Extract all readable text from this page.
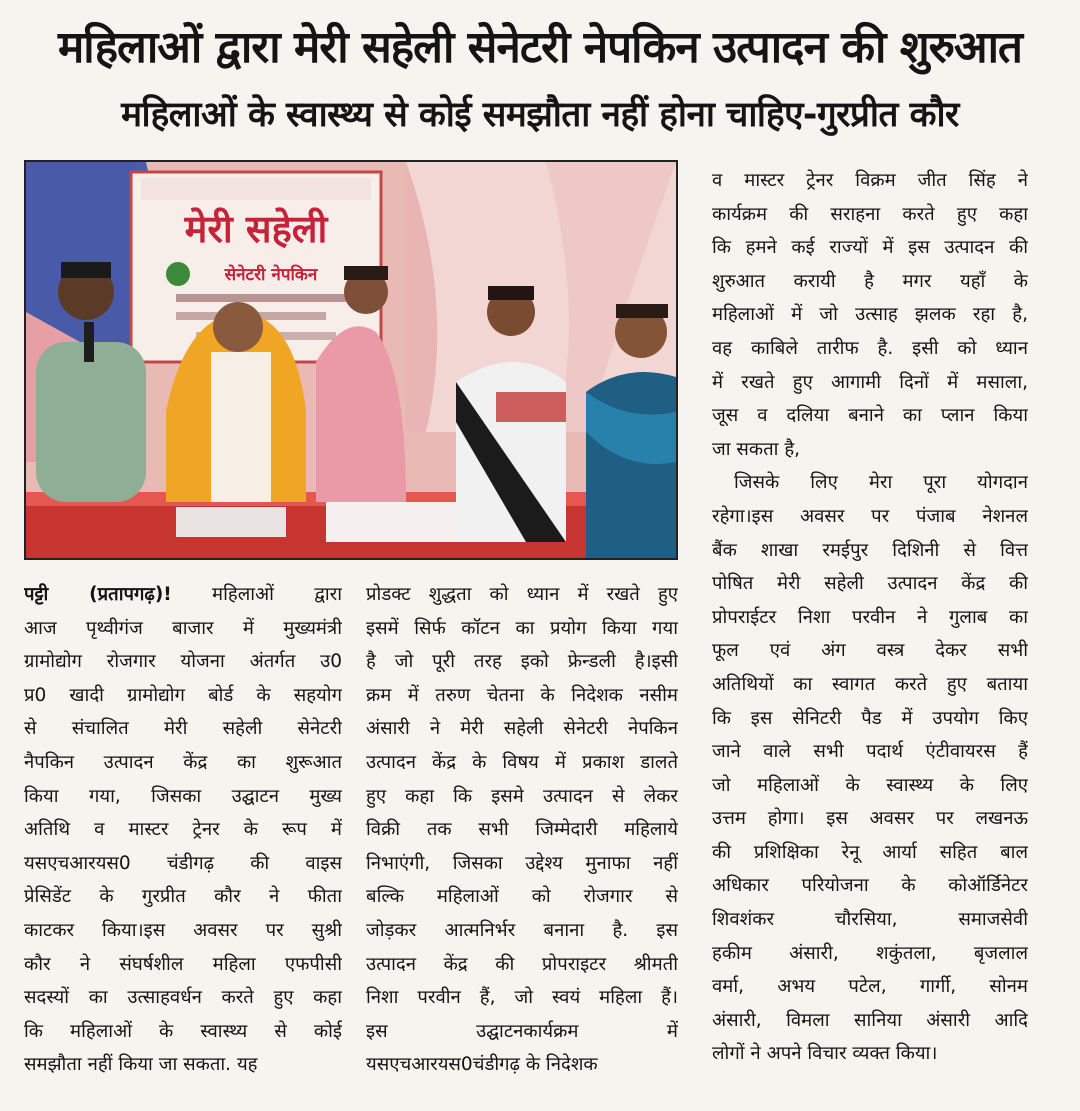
महिलाओं द्वारा मेरी सहेली सेनेटरी नेपकिन उत्पादन की शुरुआत
महिलाओं के स्वास्थ्य से कोई समझौता नहीं होना चाहिए-गुरप्रीत कौर
मेरी सहेली
सेनेटरी नेपकिन

पट्टी (प्रतापगढ़)! महिलाओं द्वारा

आज पृथ्वीगंज बाजार में मुख्यमंत्री

ग्रामोद्योग रोजगार योजना अंतर्गत उ0

प्र0 खादी ग्रामोद्योग बोर्ड के सहयोग

से संचालित मेरी सहेली सेनेटरी

नैपकिन उत्पादन केंद्र का शुरूआत

किया गया, जिसका उद्घाटन मुख्य

अतिथि व मास्टर ट्रेनर के रूप में

यसएचआरयस0 चंडीगढ़ की वाइस

प्रेसिडेंट के गुरप्रीत कौर ने फीता

काटकर किया।इस अवसर पर सुश्री

कौर ने संघर्षशील महिला एफपीसी

सदस्यों का उत्साहवर्धन करते हुए कहा

कि महिलाओं के स्वास्थ्य से कोई

समझौता नहीं किया जा सकता. यह

प्रोडक्ट शुद्धता को ध्यान में रखते हुए

इसमें सिर्फ कॉटन का प्रयोग किया गया

है जो पूरी तरह इको फ्रेन्डली है।इसी

क्रम में तरुण चेतना के निदेशक नसीम

अंसारी ने मेरी सहेली सेनेटरी नेपकिन

उत्पादन केंद्र के विषय में प्रकाश डालते

हुए कहा कि इसमे उत्पादन से लेकर

विक्री तक सभी जिम्मेदारी महिलाये

निभाएंगी, जिसका उद्देश्य मुनाफा नहीं

बल्कि महिलाओं को रोजगार से

जोड़कर आत्मनिर्भर बनाना है. इस

उत्पादन केंद्र की प्रोपराइटर श्रीमती

निशा परवीन हैं, जो स्वयं महिला हैं।

इस उद्घाटनकार्यक्रम में

यसएचआरयस0चंडीगढ़ के निदेशक

व मास्टर ट्रेनर विक्रम जीत सिंह ने

कार्यक्रम की सराहना करते हुए कहा

कि हमने कई राज्यों में इस उत्पादन की

शुरुआत करायी है मगर यहाँ के

महिलाओं में जो उत्साह झलक रहा है,

वह काबिले तारीफ है. इसी को ध्यान

में रखते हुए आगामी दिनों में मसाला,

जूस व दलिया बनाने का प्लान किया

जा सकता है,

जिसके लिए मेरा पूरा योगदान

रहेगा।इस अवसर पर पंजाब नेशनल

बैंक शाखा रमईपुर दिशिनी से वित्त

पोषित मेरी सहेली उत्पादन केंद्र की

प्रोपराईटर निशा परवीन ने गुलाब का

फूल एवं अंग वस्त्र देकर सभी

अतिथियों का स्वागत करते हुए बताया

कि इस सेनिटरी पैड में उपयोग किए

जाने वाले सभी पदार्थ एंटीवायरस हैं

जो महिलाओं के स्वास्थ्य के लिए

उत्तम होगा। इस अवसर पर लखनऊ

की प्रशिक्षिका रेनू आर्या सहित बाल

अधिकार परियोजना के कोऑर्डिनेटर

शिवशंकर चौरसिया, समाजसेवी

हकीम अंसारी, शकुंतला, बृजलाल

वर्मा, अभय पटेल, गार्गी, सोनम

अंसारी, विमला सानिया अंसारी आदि

लोगों ने अपने विचार व्यक्त किया।
